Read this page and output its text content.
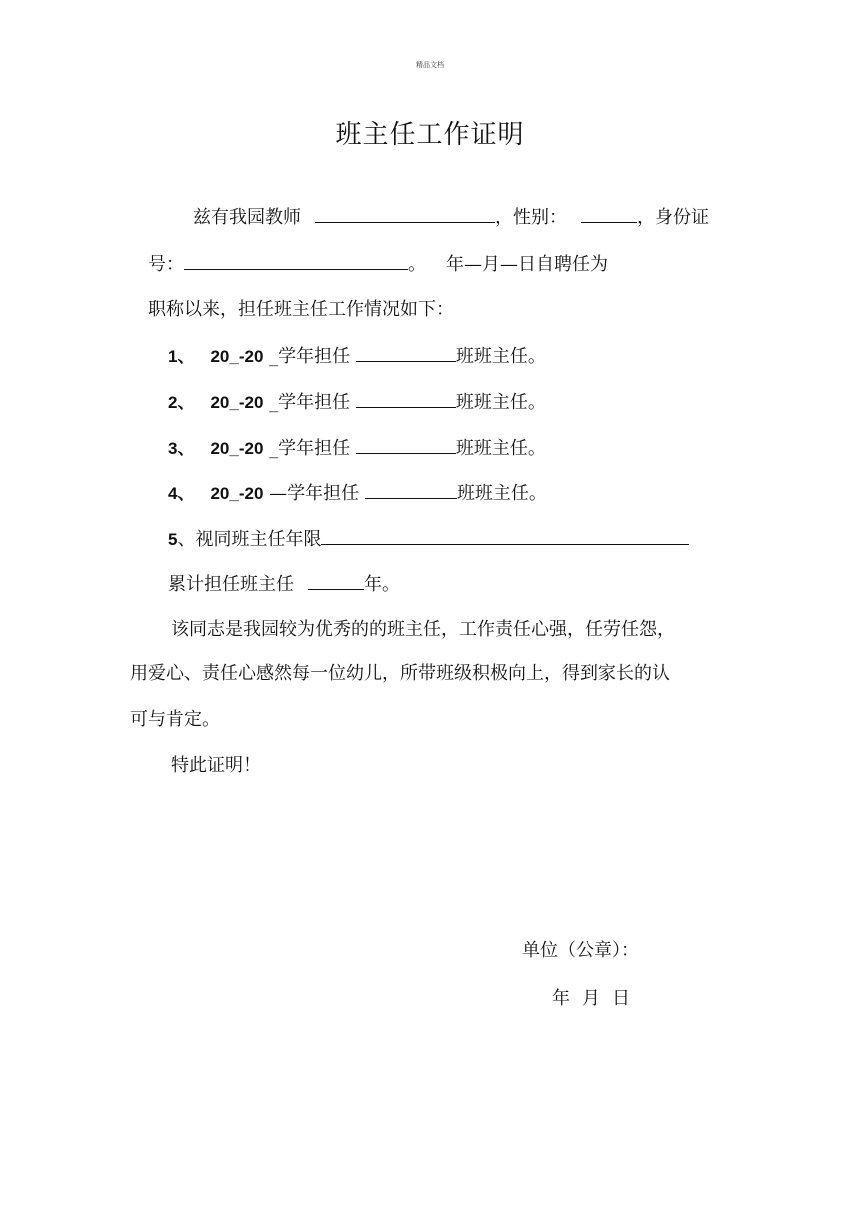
精品文档
班主任工作证明
兹有我园教师	，性别：	，身份证
号：	。 年—月—日自聘任为
职称以来，担任班主任工作情况如下：
1、 20_-20 _学年担任	班班主任。
2、 20_-20 _学年担任	班班主任。
3、 20_-20 _学年担任	班班主任。
4、 20_-20 —学年担任	班班主任。
5、视同班主任年限
累计担任班主任	年。
该同志是我园较为优秀的的班主任，工作责任心强，任劳任怨，
用爱心、责任心感然每一位幼儿，所带班级积极向上，得到家长的认
可与肯定。
特此证明！
单位（公章）：
年 月 日
